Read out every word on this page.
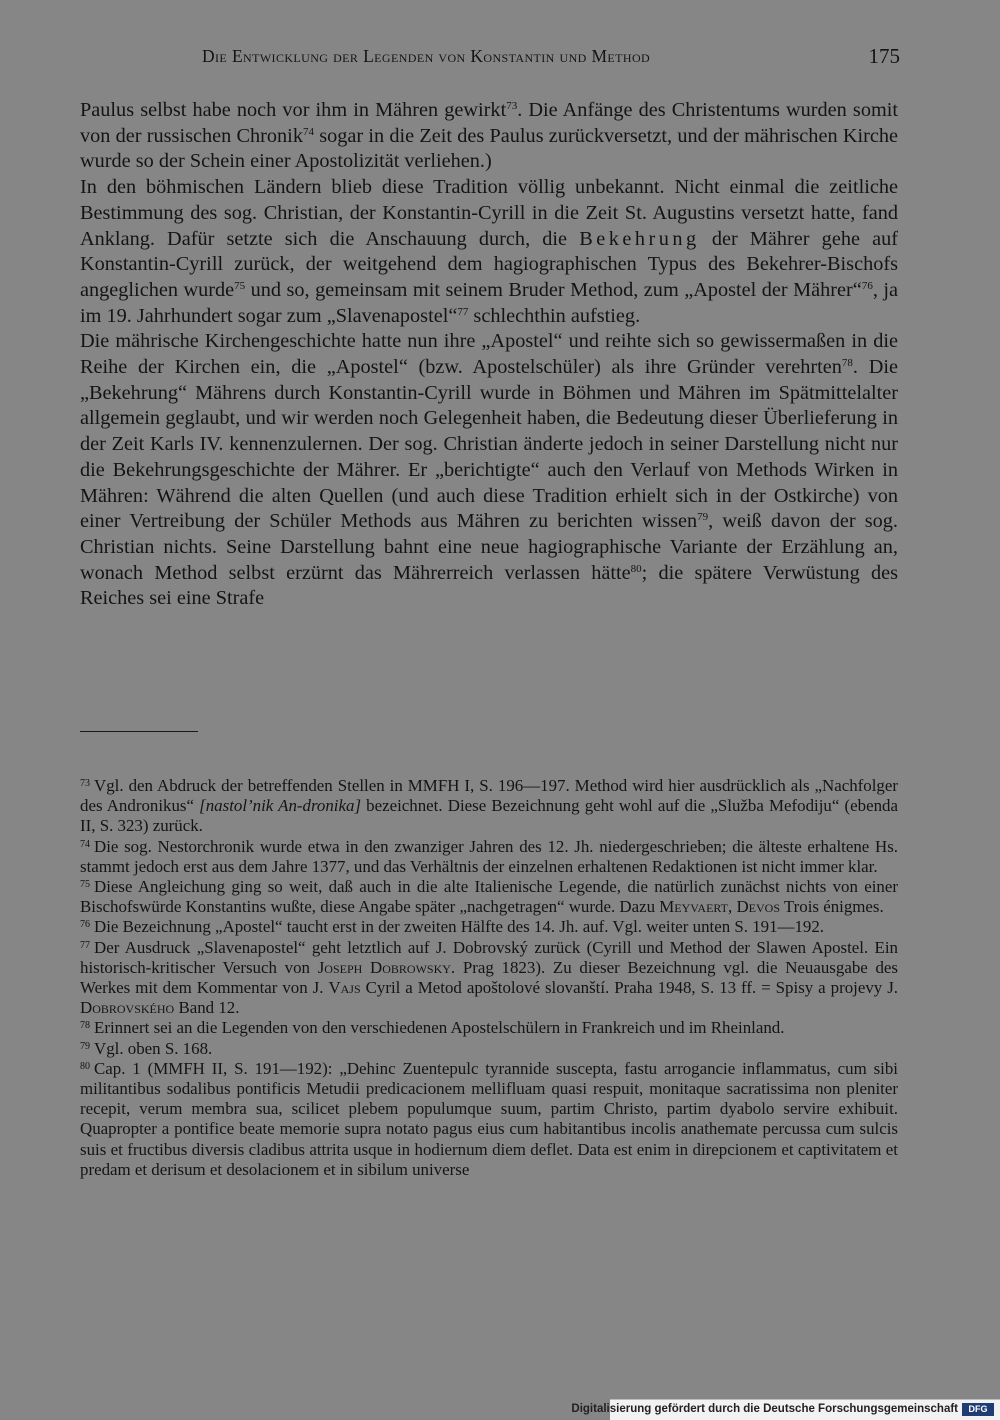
Die Entwicklung der Legenden von Konstantin und Method	175

Paulus selbst habe noch vor ihm in Mähren gewirkt$^{73}$. Die Anfänge des Christentums wurden somit von der russischen Chronik$^{74}$ sogar in die Zeit des Paulus zurückversetzt, und der mährischen Kirche wurde so der Schein einer Apostolizität verliehen.)

In den böhmischen Ländern blieb diese Tradition völlig unbekannt. Nicht einmal die zeitliche Bestimmung des sog. Christian, der Konstantin-Cyrill in die Zeit St. Augustins versetzt hatte, fand Anklang. Dafür setzte sich die Anschauung durch, die Bekehrung der Mährer gehe auf Konstantin-Cyrill zurück, der weitgehend dem hagiographischen Typus des Bekehrer-Bischofs angeglichen wurde$^{75}$ und so, gemeinsam mit seinem Bruder Method, zum „Apostel der Mährer“$^{76}$, ja im 19. Jahrhundert sogar zum „Slavenapostel“$^{77}$ schlechthin aufstieg.

Die mährische Kirchengeschichte hatte nun ihre „Apostel“ und reihte sich so gewissermaßen in die Reihe der Kirchen ein, die „Apostel“ (bzw. Apostelschüler) als ihre Gründer verehrten$^{78}$. Die „Bekehrung“ Mährens durch Konstantin-Cyrill wurde in Böhmen und Mähren im Spätmittelalter allgemein geglaubt, und wir werden noch Gelegenheit haben, die Bedeutung dieser Überlieferung in der Zeit Karls IV. kennenzulernen. Der sog. Christian änderte jedoch in seiner Darstellung nicht nur die Bekehrungsgeschichte der Mährer. Er „berichtigte“ auch den Verlauf von Methods Wirken in Mähren: Während die alten Quellen (und auch diese Tradition erhielt sich in der Ostkirche) von einer Vertreibung der Schüler Methods aus Mähren zu berichten wissen$^{79}$, weiß davon der sog. Christian nichts. Seine Darstellung bahnt eine neue hagiographische Variante der Erzählung an, wonach Method selbst erzürnt das Mährerreich verlassen hätte$^{80}$; die spätere Verwüstung des Reiches sei eine Strafe

$^{73}$ Vgl. den Abdruck der betreffenden Stellen in MMFH I, S. 196—197. Method wird hier ausdrücklich als „Nachfolger des Andronikus“ [nastol’nik An-dronika] bezeichnet. Diese Bezeichnung geht wohl auf die „Služba Mefodiju“ (ebenda II, S. 323) zurück.

$^{74}$ Die sog. Nestorchronik wurde etwa in den zwanziger Jahren des 12. Jh. niedergeschrieben; die älteste erhaltene Hs. stammt jedoch erst aus dem Jahre 1377, und das Verhältnis der einzelnen erhaltenen Redaktionen ist nicht immer klar.

$^{75}$ Diese Angleichung ging so weit, daß auch in die alte Italienische Legende, die natürlich zunächst nichts von einer Bischofswürde Konstantins wußte, diese Angabe später „nachgetragen“ wurde. Dazu Meyvaert, Devos Trois énigmes.

$^{76}$ Die Bezeichnung „Apostel“ taucht erst in der zweiten Hälfte des 14. Jh. auf. Vgl. weiter unten S. 191—192.

$^{77}$ Der Ausdruck „Slavenapostel“ geht letztlich auf J. Dobrovský zurück (Cyrill und Method der Slawen Apostel. Ein historisch-kritischer Versuch von Joseph Dobrowsky. Prag 1823). Zu dieser Bezeichnung vgl. die Neuausgabe des Werkes mit dem Kommentar von J. Vajs Cyril a Metod apoštolové slovanští. Praha 1948, S. 13 ff. = Spisy a projevy J. Dobrovského Band 12.

$^{78}$ Erinnert sei an die Legenden von den verschiedenen Apostelschülern in Frankreich und im Rheinland.

$^{79}$ Vgl. oben S. 168.

$^{80}$ Cap. 1 (MMFH II, S. 191—192): „Dehinc Zuentepulc tyrannide suscepta, fastu arrogancie inflammatus, cum sibi militantibus sodalibus pontificis Metudii predicacionem mellifluam quasi respuit, monitaque sacratissima non pleniter recepit, verum membra sua, scilicet plebem populumque suum, partim Christo, partim dyabolo servire exhibuit. Quapropter a pontifice beate memorie supra notato pagus eius cum habitantibus incolis anathemate percussa cum sulcis suis et fructibus diversis cladibus attrita usque in hodiernum diem deflet. Data est enim in direpcionem et captivitatem et predam et derisum et desolacionem et in sibilum universe

Digitalisierung gefördert durch die Deutsche Forschungsgemeinschaft	DFG
